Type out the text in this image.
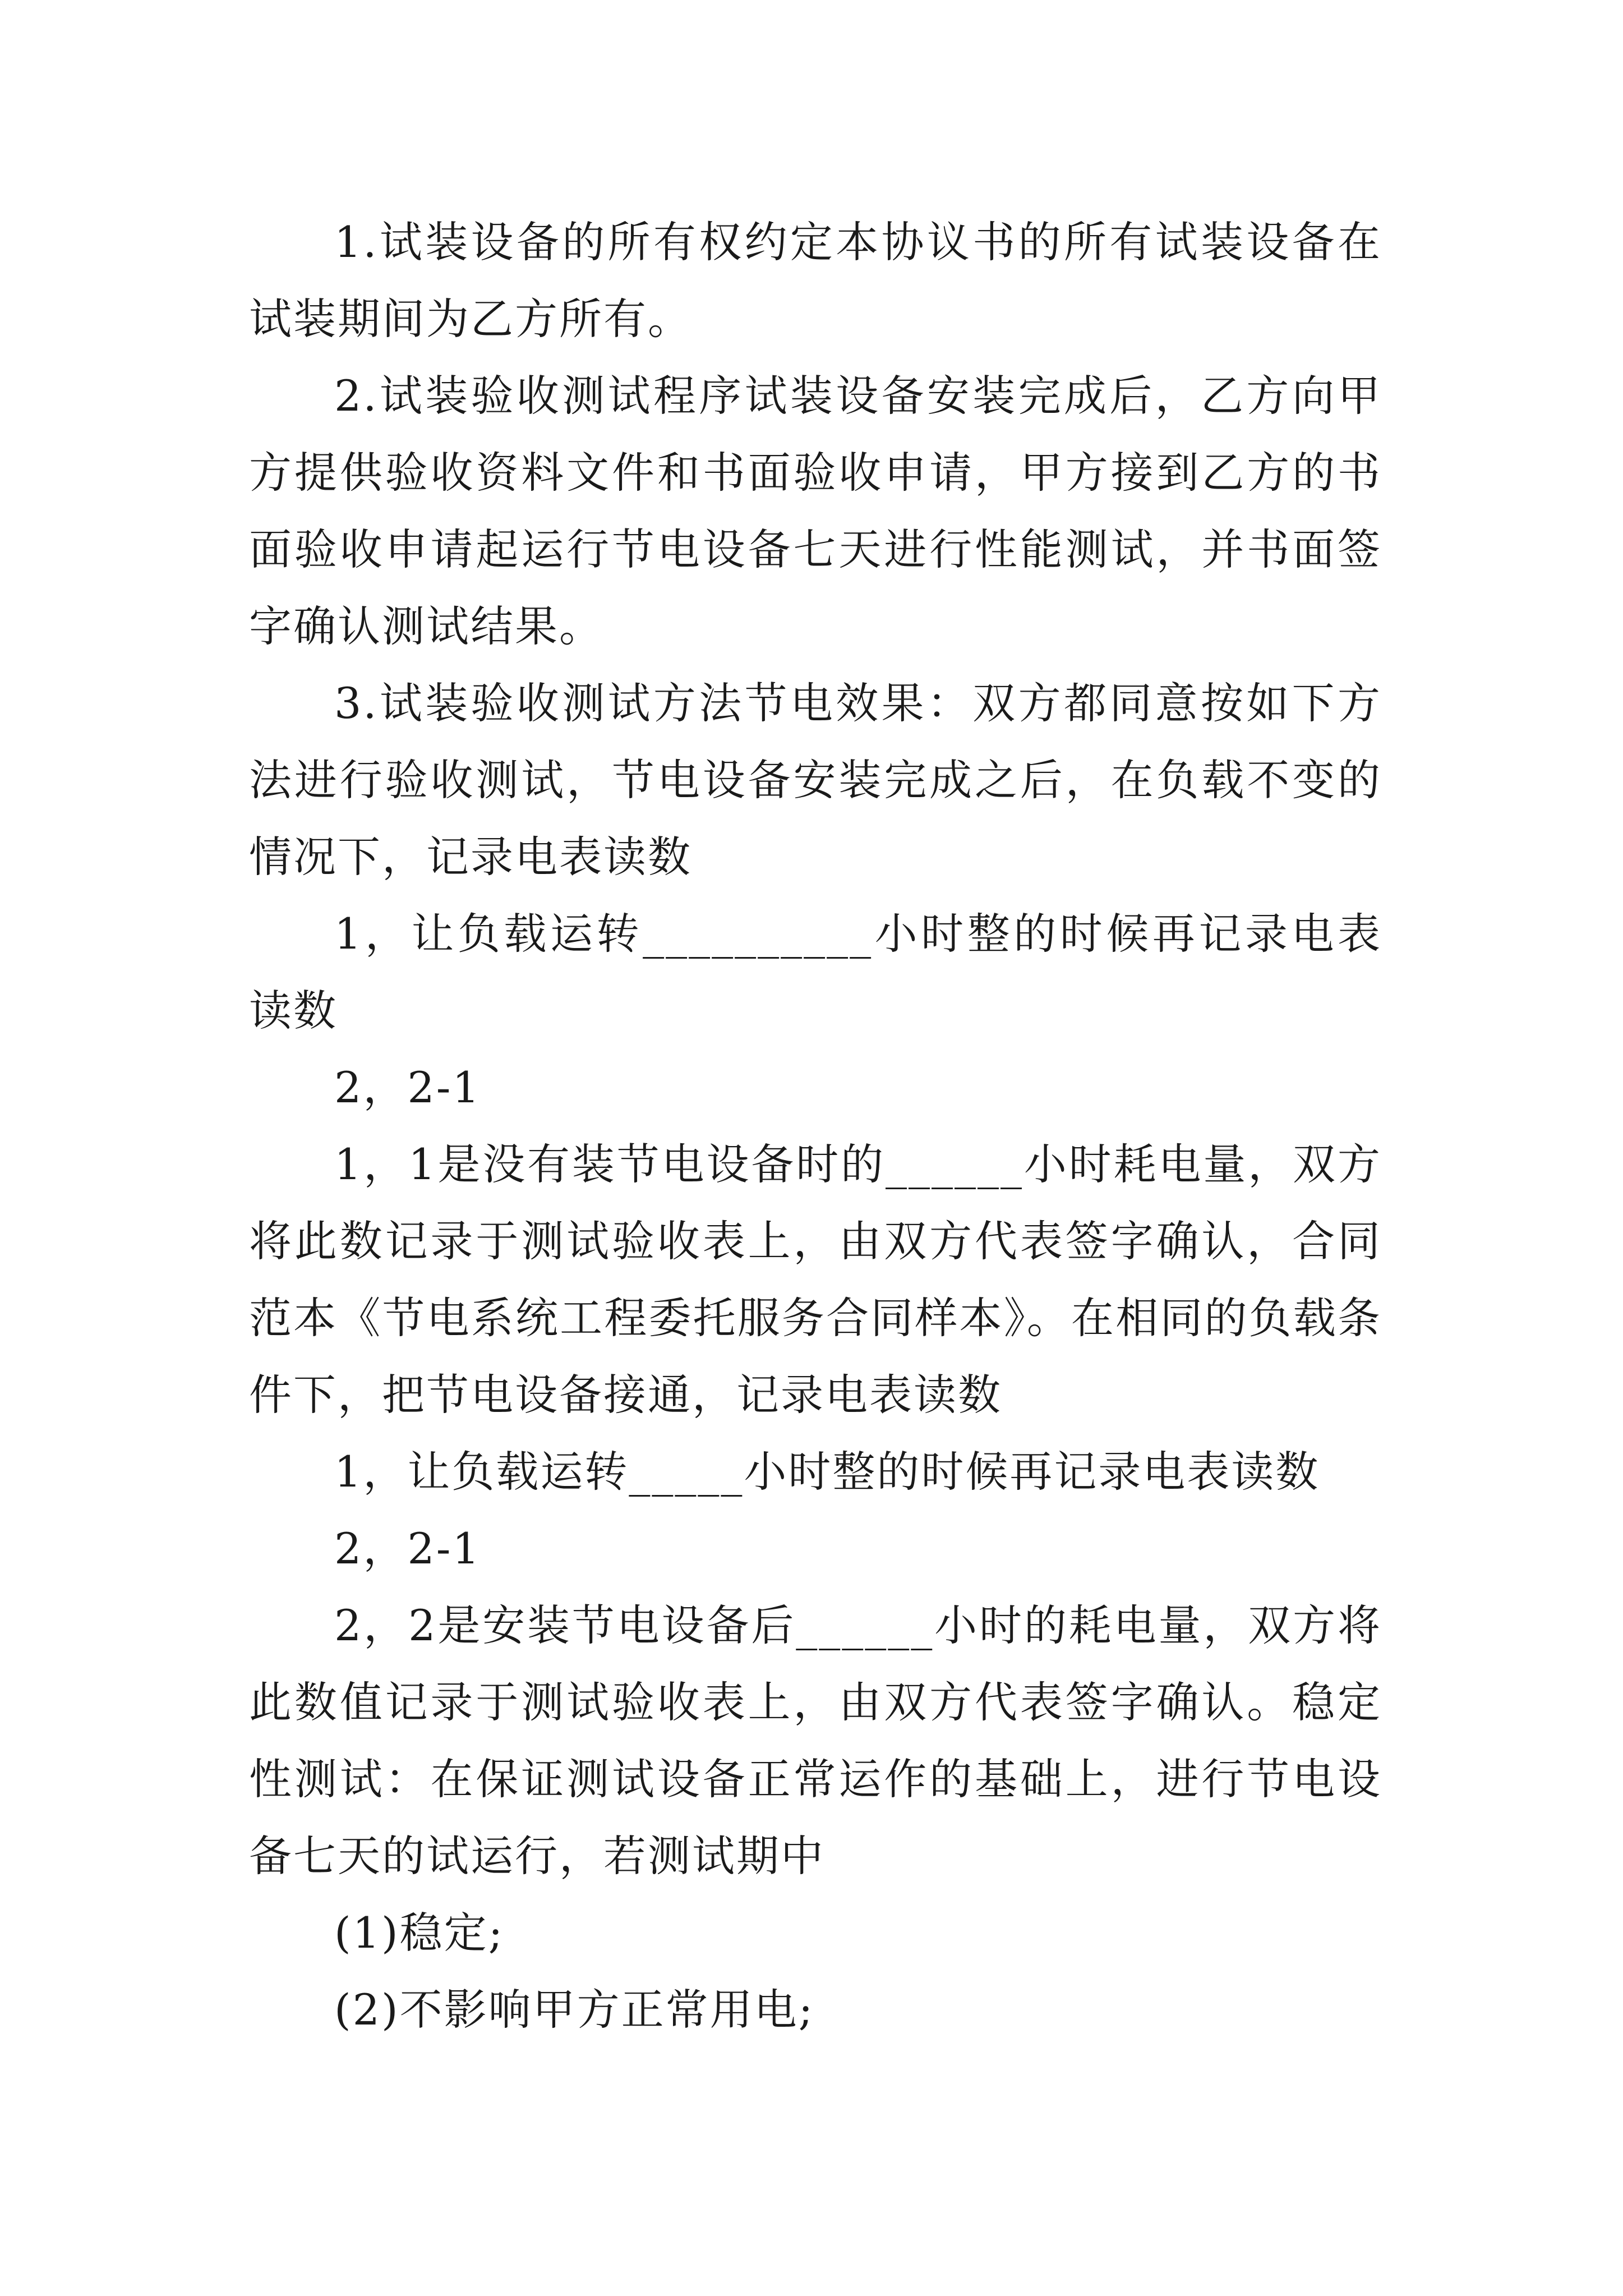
1.试装设备的所有权约定本协议书的所有试装设备在试装期间为乙方所有。

2.试装验收测试程序试装设备安装完成后，乙方向甲方提供验收资料文件和书面验收申请，甲方接到乙方的书面验收申请起运行节电设备七天进行性能测试，并书面签字确认测试结果。

3.试装验收测试方法节电效果：双方都同意按如下方法进行验收测试，节电设备安装完成之后，在负载不变的情况下，记录电表读数

1，让负载运转__________小时整的时候再记录电表读数

2，2-1

1，1是没有装节电设备时的______小时耗电量，双方将此数记录于测试验收表上，由双方代表签字确认，合同范本《节电系统工程委托服务合同样本》。在相同的负载条件下，把节电设备接通，记录电表读数

1，让负载运转_____小时整的时候再记录电表读数

2，2-1

2，2是安装节电设备后______小时的耗电量，双方将此数值记录于测试验收表上，由双方代表签字确认。稳定性测试：在保证测试设备正常运作的基础上，进行节电设备七天的试运行，若测试期中

(1)稳定;

(2)不影响甲方正常用电;
